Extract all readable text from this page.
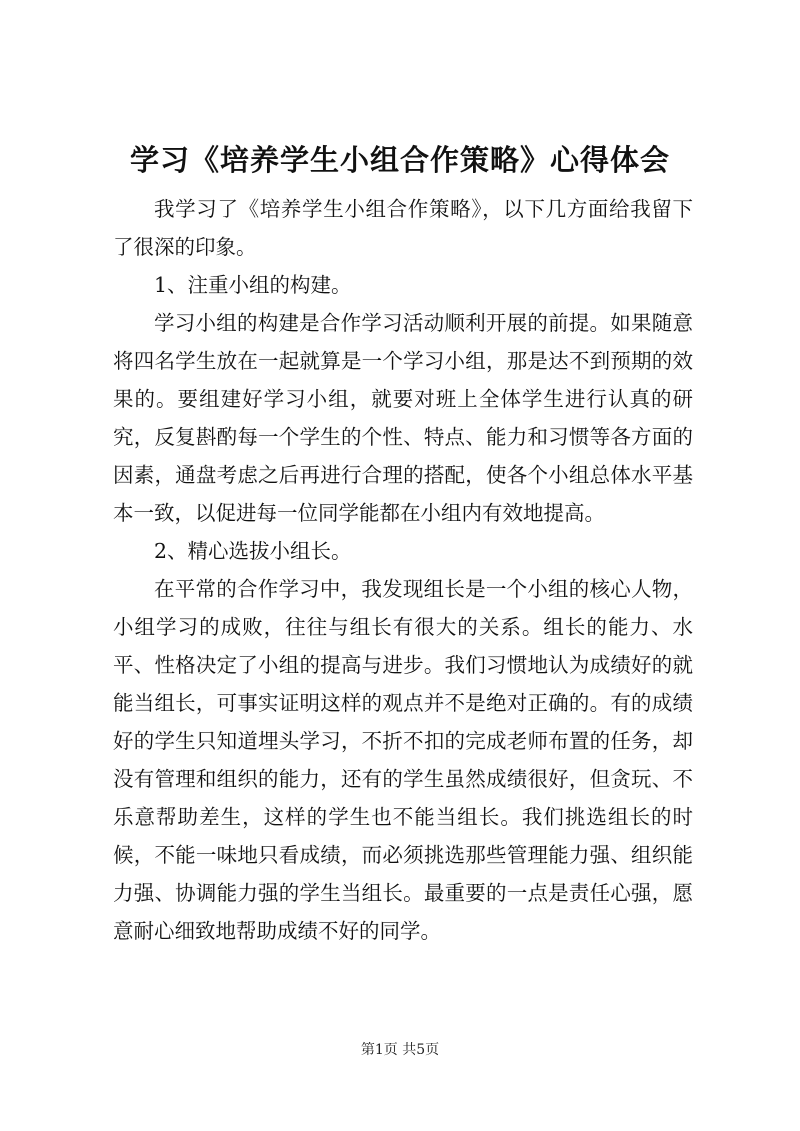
学习《培养学生小组合作策略》心得体会

我学习了《培养学生小组合作策略》，以下几方面给我留下了很深的印象。

1、注重小组的构建。

学习小组的构建是合作学习活动顺利开展的前提。如果随意将四名学生放在一起就算是一个学习小组，那是达不到预期的效果的。要组建好学习小组，就要对班上全体学生进行认真的研究，反复斟酌每一个学生的个性、特点、能力和习惯等各方面的因素，通盘考虑之后再进行合理的搭配，使各个小组总体水平基本一致，以促进每一位同学能都在小组内有效地提高。

2、精心选拔小组长。

在平常的合作学习中，我发现组长是一个小组的核心人物，小组学习的成败，往往与组长有很大的关系。组长的能力、水平、性格决定了小组的提高与进步。我们习惯地认为成绩好的就能当组长，可事实证明这样的观点并不是绝对正确的。有的成绩好的学生只知道埋头学习，不折不扣的完成老师布置的任务，却没有管理和组织的能力，还有的学生虽然成绩很好，但贪玩、不乐意帮助差生，这样的学生也不能当组长。我们挑选组长的时候，不能一味地只看成绩，而必须挑选那些管理能力强、组织能力强、协调能力强的学生当组长。最重要的一点是责任心强，愿意耐心细致地帮助成绩不好的同学。

第1页 共5页
